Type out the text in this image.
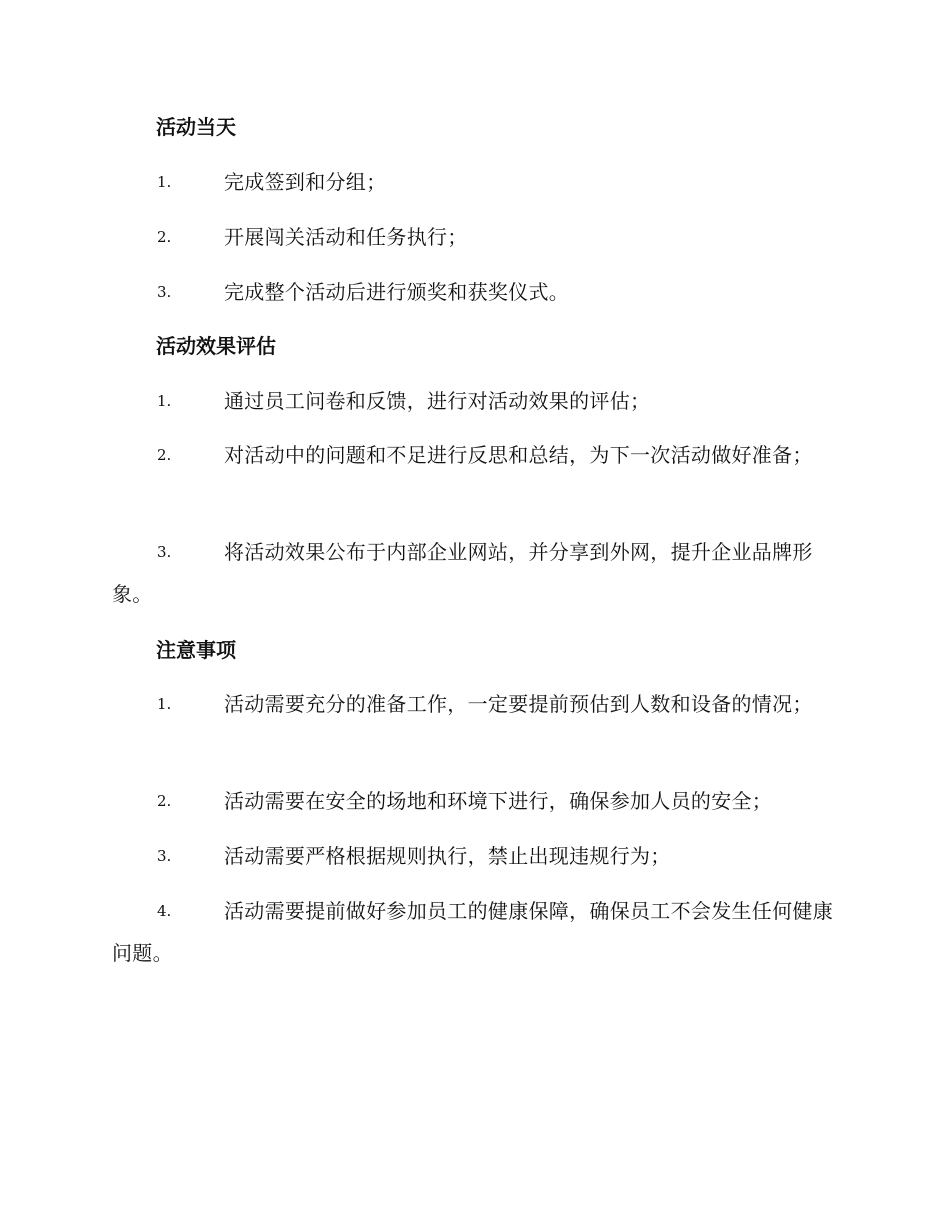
活动当天
1.	完成签到和分组；
2.	开展闯关活动和任务执行；
3.	完成整个活动后进行颁奖和获奖仪式。
活动效果评估
1.	通过员工问卷和反馈，进行对活动效果的评估；
2.	对活动中的问题和不足进行反思和总结，为下一次活动做好准备；
3.	将活动效果公布于内部企业网站，并分享到外网，提升企业品牌形象。
注意事项
1.	活动需要充分的准备工作，一定要提前预估到人数和设备的情况；
2.	活动需要在安全的场地和环境下进行，确保参加人员的安全；
3.	活动需要严格根据规则执行，禁止出现违规行为；
4.	活动需要提前做好参加员工的健康保障，确保员工不会发生任何健康问题。
